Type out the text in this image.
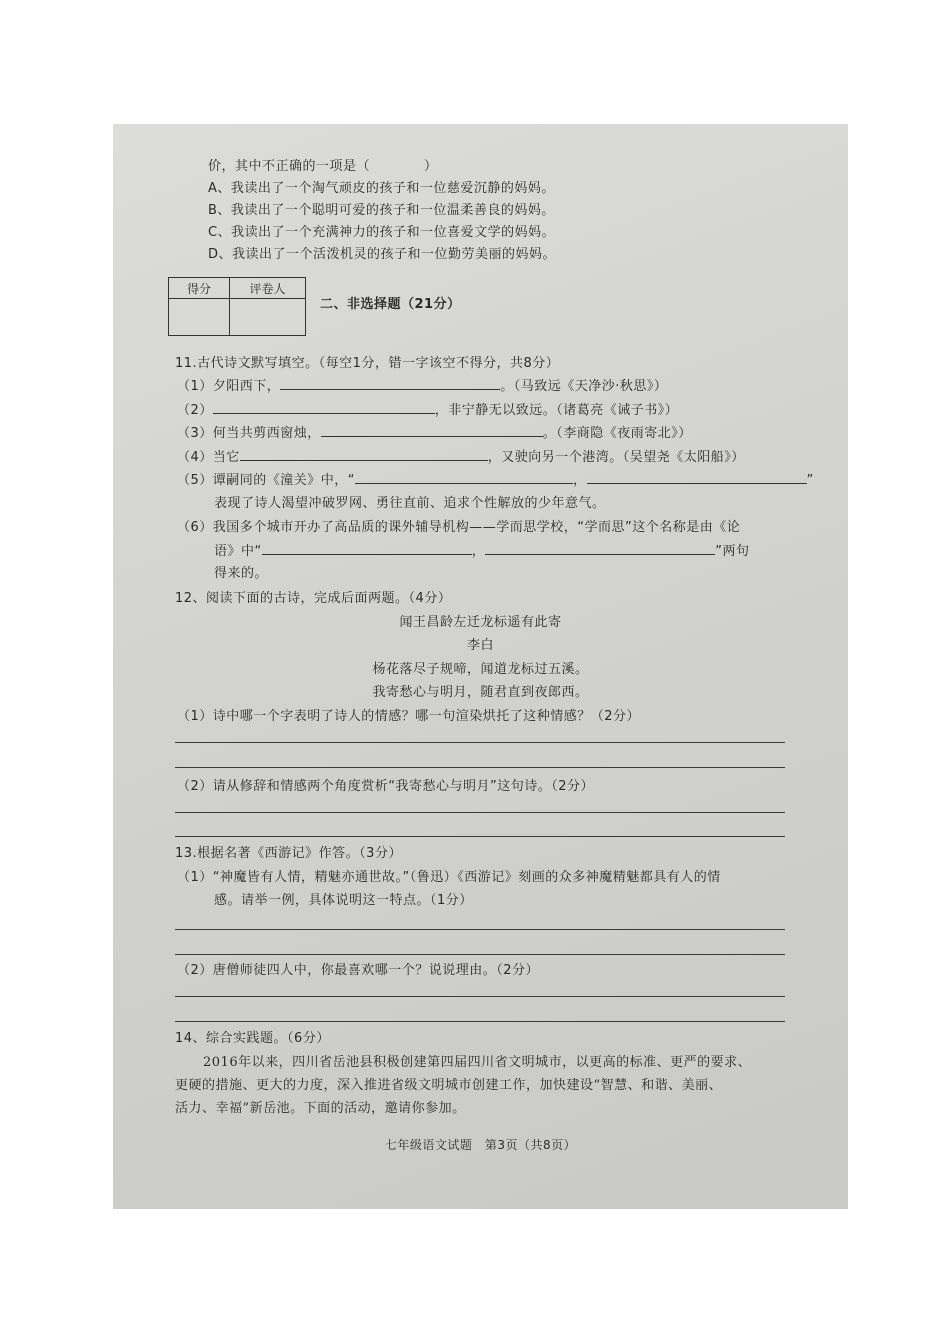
价，其中不正确的一项是（　　　　）
A、我读出了一个淘气顽皮的孩子和一位慈爱沉静的妈妈。
B、我读出了一个聪明可爱的孩子和一位温柔善良的妈妈。
C、我读出了一个充满神力的孩子和一位喜爱文学的妈妈。
D、我读出了一个活泼机灵的孩子和一位勤劳美丽的妈妈。
得分	评卷人

二、非选择题（21分）
11.古代诗文默写填空。（每空1分，错一字该空不得分，共8分）
（1）夕阳西下，	。（马致远《天净沙·秋思》）
（2）	，非宁静无以致远。（诸葛亮《诫子书》）
（3）何当共剪西窗烛，	。（李商隐《夜雨寄北》）
（4）当它	，又驶向另一个港湾。（吴望尧《太阳船》）
（5）谭嗣同的《潼关》中，“	，	”
表现了诗人渴望冲破罗网、勇往直前、追求个性解放的少年意气。
（6）我国多个城市开办了高品质的课外辅导机构——学而思学校，“学而思”这个名称是由《论
语》中“	，	”两句
得来的。
12、阅读下面的古诗，完成后面两题。（4分）
闻王昌龄左迁龙标遥有此寄
李白
杨花落尽子规啼，闻道龙标过五溪。
我寄愁心与明月，随君直到夜郎西。
（1）诗中哪一个字表明了诗人的情感？哪一句渲染烘托了这种情感？（2分）
（2）请从修辞和情感两个角度赏析“我寄愁心与明月”这句诗。（2分）
13.根据名著《西游记》作答。（3分）
（1）“神魔皆有人情，精魅亦通世故。”（鲁迅）《西游记》刻画的众多神魔精魅都具有人的情
感。请举一例，具体说明这一特点。（1分）
（2）唐僧师徒四人中，你最喜欢哪一个？说说理由。（2分）
14、综合实践题。（6分）
2016年以来，四川省岳池县积极创建第四届四川省文明城市，以更高的标准、更严的要求、
更硬的措施、更大的力度，深入推进省级文明城市创建工作，加快建设“智慧、和谐、美丽、
活力、幸福”新岳池。下面的活动，邀请你参加。
七年级语文试题　第3页（共8页）
